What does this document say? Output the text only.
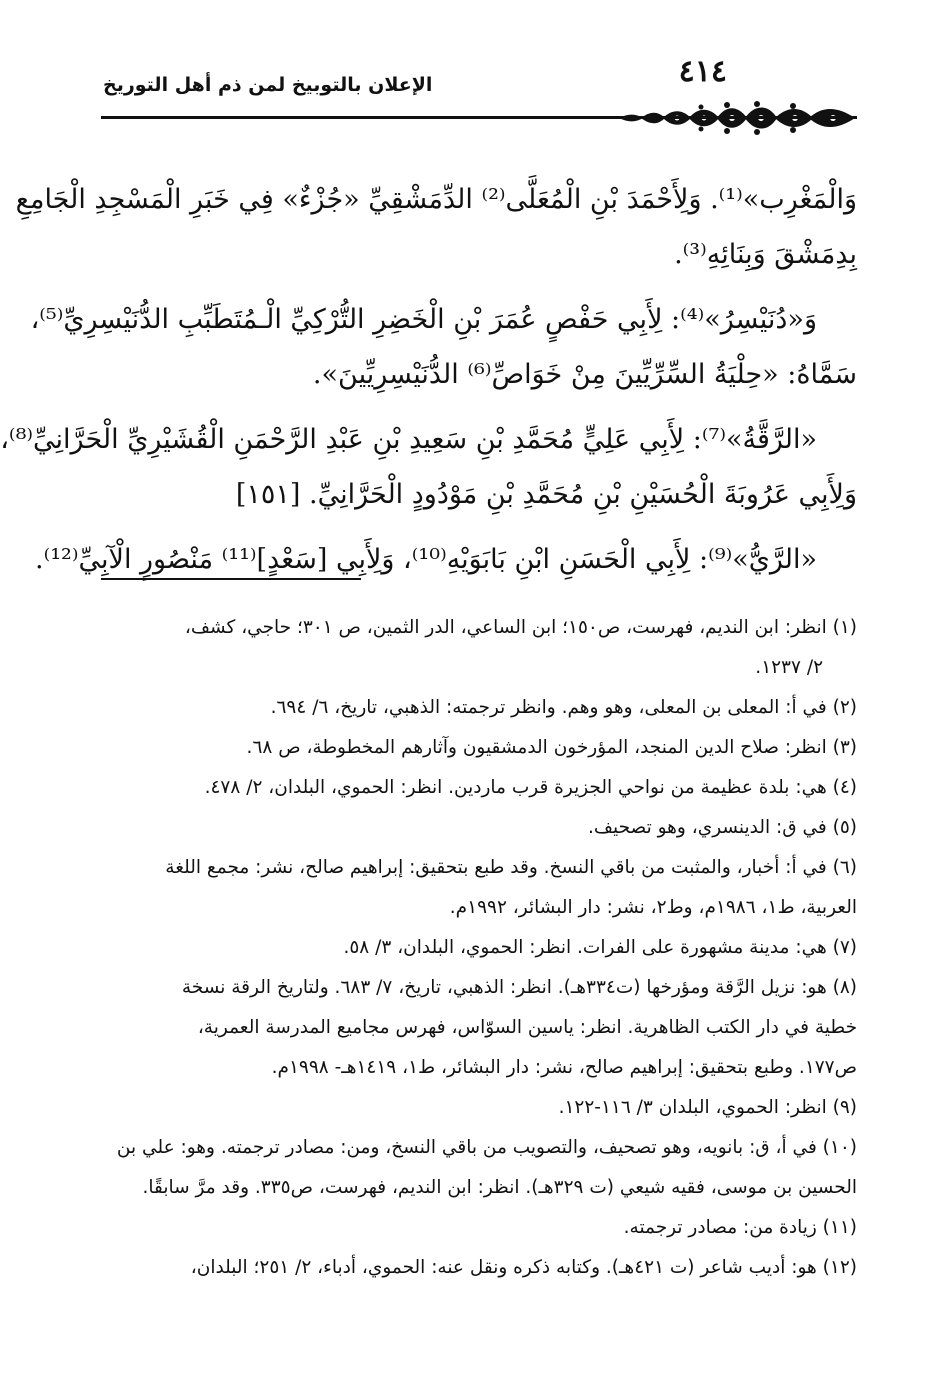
٤١٤
الإعلان بالتوبيخ لمن ذم أهل التوريخ

وَالْمَغْرِب»⁽¹⁾. وَلِأَحْمَدَ بْنِ الْمُعَلَّى⁽²⁾ الدِّمَشْقِيِّ «جُزْءٌ» فِي خَبَرِ الْمَسْجِدِ الْجَامِعِ
بِدِمَشْقَ وَبِنَائِهِ⁽³⁾.

وَ«دُنَيْسِرُ»⁽⁴⁾: لِأَبِي حَفْصٍ عُمَرَ بْنِ الْخَضِرِ التُّرْكِيِّ الْـمُتَطَبِّبِ الدُّنَيْسِرِيِّ⁽⁵⁾،
سَمَّاهُ: «حِلْيَةُ السِّرِّيِّينَ مِنْ خَوَاصِّ⁽⁶⁾ الدُّنَيْسِرِيِّينَ».

«الرَّقَّةُ»⁽⁷⁾: لِأَبِي عَلِيٍّ مُحَمَّدِ بْنِ سَعِيدِ بْنِ عَبْدِ الرَّحْمَنِ الْقُشَيْرِيِّ الْحَرَّانِيِّ⁽⁸⁾،
وَلِأَبِي عَرُوبَةَ الْحُسَيْنِ بْنِ مُحَمَّدِ بْنِ مَوْدُودٍ الْحَرَّانِيِّ. [١٥١]

«الرَّيُّ»⁽⁹⁾: لِأَبِي الْحَسَنِ ابْنِ بَابَوَيْهِ⁽¹⁰⁾، وَلِأَبِي [سَعْدٍ]⁽¹¹⁾ مَنْصُورٍ الْآبِيِّ⁽¹²⁾.

(١) انظر: ابن النديم، فهرست، ص١٥٠؛ ابن الساعي، الدر الثمين، ص ٣٠١؛ حاجي، كشف،
٢/ ١٢٣٧.
(٢) في أ: المعلى بن المعلى، وهو وهم. وانظر ترجمته: الذهبي، تاريخ، ٦/ ٦٩٤.
(٣) انظر: صلاح الدين المنجد، المؤرخون الدمشقيون وآثارهم المخطوطة، ص ٦٨.
(٤) هي: بلدة عظيمة من نواحي الجزيرة قرب ماردين. انظر: الحموي، البلدان، ٢/ ٤٧٨.
(٥) في ق: الدينسري، وهو تصحيف.
(٦) في أ: أخبار، والمثبت من باقي النسخ. وقد طبع بتحقيق: إبراهيم صالح، نشر: مجمع اللغة
العربية، ط١، ١٩٨٦م، وط٢، نشر: دار البشائر، ١٩٩٢م.
(٧) هي: مدينة مشهورة على الفرات. انظر: الحموي، البلدان، ٣/ ٥٨.
(٨) هو: نزيل الرَّقة ومؤرخها (ت٣٣٤هـ). انظر: الذهبي، تاريخ، ٧/ ٦٨٣. ولتاريخ الرقة نسخة
خطية في دار الكتب الظاهرية. انظر: ياسين السوّاس، فهرس مجاميع المدرسة العمرية،
ص١٧٧. وطبع بتحقيق: إبراهيم صالح، نشر: دار البشائر، ط١، ١٤١٩هـ- ١٩٩٨م.
(٩) انظر: الحموي، البلدان ٣/ ١١٦-١٢٢.
(١٠) في أ، ق: بانويه، وهو تصحيف، والتصويب من باقي النسخ، ومن: مصادر ترجمته. وهو: علي بن
الحسين بن موسى، فقيه شيعي (ت ٣٢٩هـ). انظر: ابن النديم، فهرست، ص٣٣٥. وقد مرَّ سابقًا.
(١١) زيادة من: مصادر ترجمته.
(١٢) هو: أديب شاعر (ت ٤٢١هـ). وكتابه ذكره ونقل عنه: الحموي، أدباء، ٢/ ٢٥١؛ البلدان،
